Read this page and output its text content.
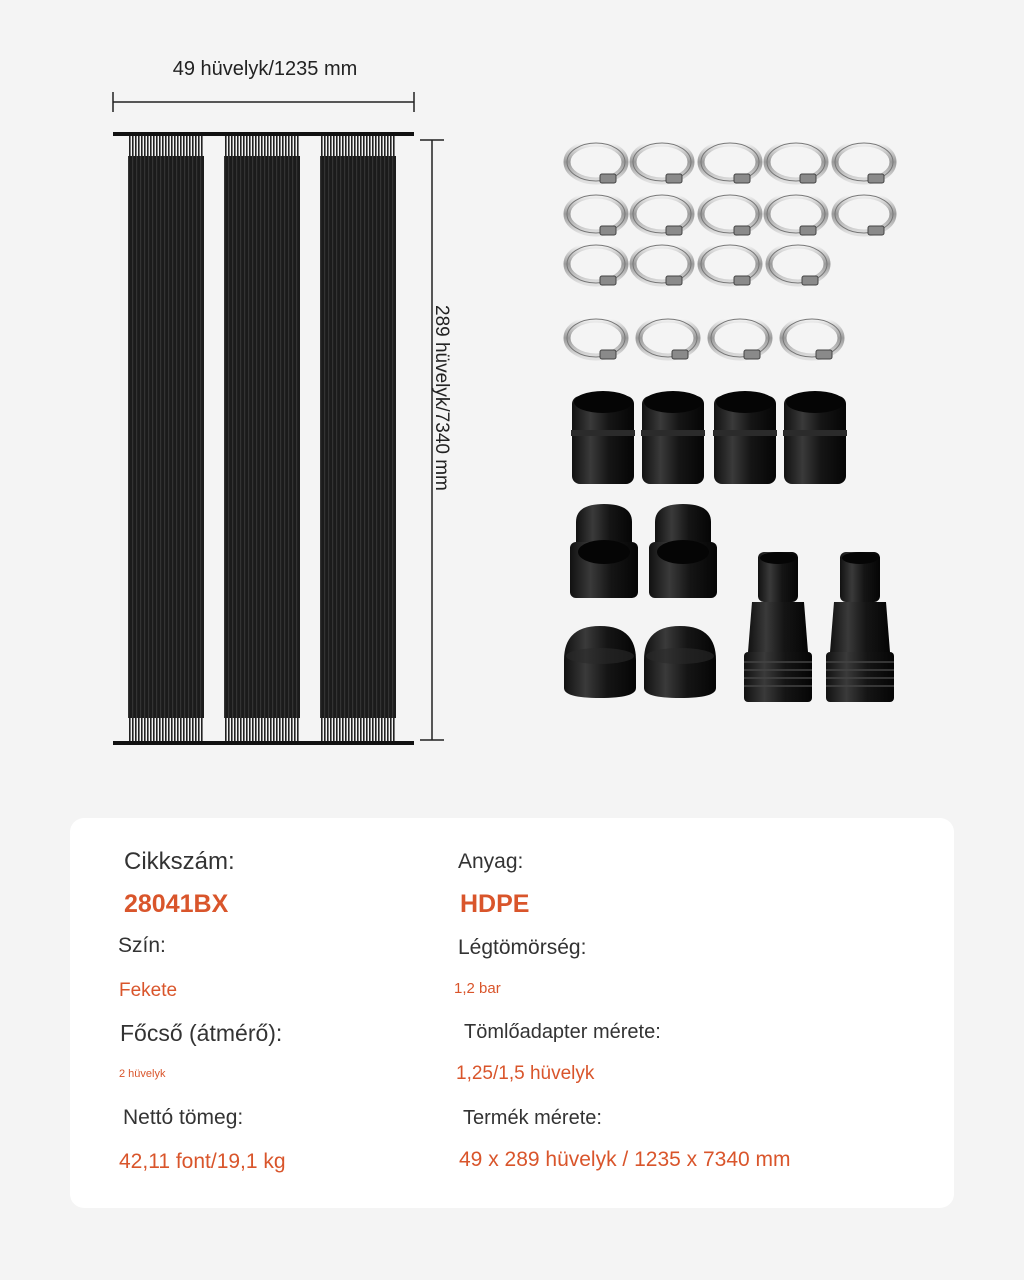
49 hüvelyk/1235 mm
289 hüvelyk/7340 mm
Cikkszám:
28041BX
Anyag:
HDPE
Szín:
Fekete
Légtömörség:
1,2 bar
Főcső (átmérő):
2 hüvelyk
Tömlőadapter mérete:
1,25/1,5 hüvelyk
Nettó tömeg:
42,11 font/19,1 kg
Termék mérete:
49 x 289 hüvelyk / 1235 x 7340 mm
